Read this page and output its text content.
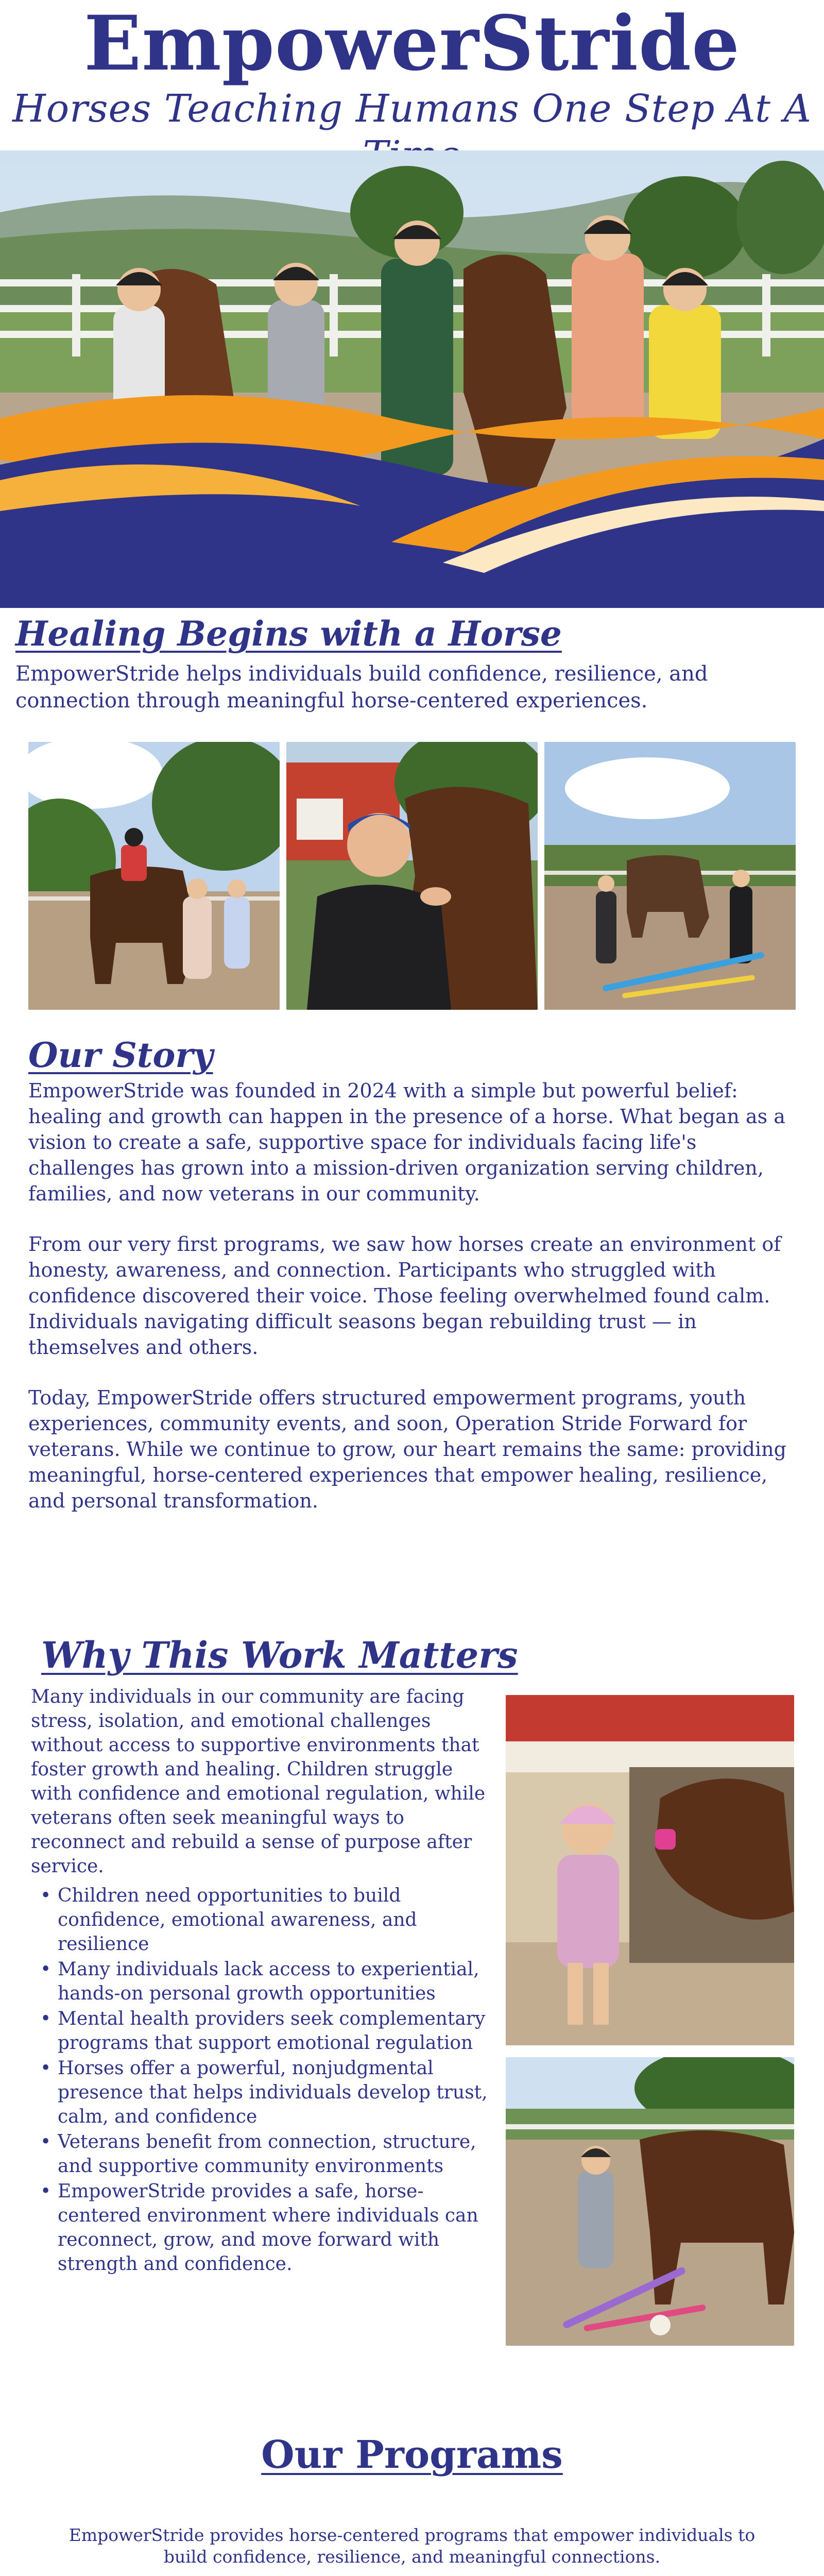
EmpowerStride
Horses Teaching Humans One Step At A
Healing Begins with a Horse
EmpowerStride helps individuals build confidence, resilience, and connection through meaningful horse-centered experiences.
Our Story

EmpowerStride was founded in 2024 with a simple but powerful belief: healing and growth can happen in the presence of a horse. What began as a vision to create a safe, supportive space for individuals facing life's challenges has grown into a mission-driven organization serving children, families, and now veterans in our community.

From our very first programs, we saw how horses create an environment of honesty, awareness, and connection. Participants who struggled with confidence discovered their voice. Those feeling overwhelmed found calm. Individuals navigating difficult seasons began rebuilding trust — in themselves and others.

Today, EmpowerStride offers structured empowerment programs, youth experiences, community events, and soon, Operation Stride Forward for veterans. While we continue to grow, our heart remains the same: providing meaningful, horse-centered experiences that empower healing, resilience, and personal transformation.

Why This Work Matters

Many individuals in our community are facing stress, isolation, and emotional challenges without access to supportive environments that foster growth and healing. Children struggle with confidence and emotional regulation, while veterans often seek meaningful ways to reconnect and rebuild a sense of purpose after service.

• Children need opportunities to build confidence, emotional awareness, and resilience
• Many individuals lack access to experiential, hands-on personal growth opportunities
• Mental health providers seek complementary programs that support emotional regulation
• Horses offer a powerful, nonjudgmental presence that helps individuals develop trust, calm, and confidence
• Veterans benefit from connection, structure, and supportive community environments
• EmpowerStride provides a safe, horse-centered environment where individuals can reconnect, grow, and move forward with strength and confidence.
Our Programs
EmpowerStride provides horse-centered programs that empower individuals to build confidence, resilience, and meaningful connections.
